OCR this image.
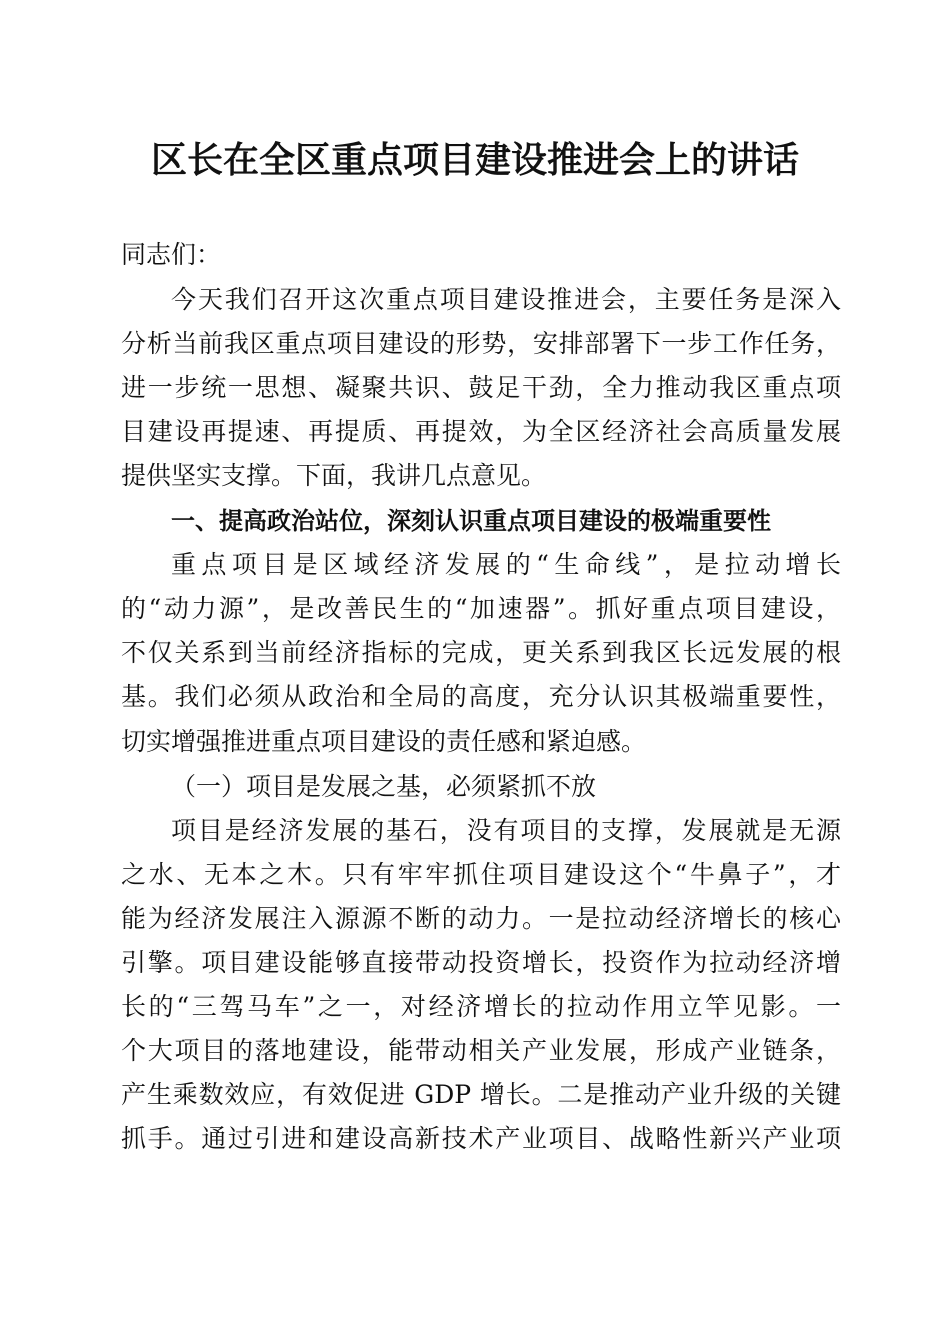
区长在全区重点项目建设推进会上的讲话
同志们：
今天我们召开这次重点项目建设推进会，主要任务是深入
分析当前我区重点项目建设的形势，安排部署下一步工作任务，
进一步统一思想、凝聚共识、鼓足干劲，全力推动我区重点项
目建设再提速、再提质、再提效，为全区经济社会高质量发展
提供坚实支撑。下面，我讲几点意见。
一、提高政治站位，深刻认识重点项目建设的极端重要性
重点项目是区域经济发展的“生命线”，是拉动增长
的“动力源”，是改善民生的“加速器”。抓好重点项目建设，
不仅关系到当前经济指标的完成，更关系到我区长远发展的根
基。我们必须从政治和全局的高度，充分认识其极端重要性，
切实增强推进重点项目建设的责任感和紧迫感。
（一）项目是发展之基，必须紧抓不放
项目是经济发展的基石，没有项目的支撑，发展就是无源
之水、无本之木。只有牢牢抓住项目建设这个“牛鼻子”，才
能为经济发展注入源源不断的动力。一是拉动经济增长的核心
引擎。项目建设能够直接带动投资增长，投资作为拉动经济增
长的“三驾马车”之一，对经济增长的拉动作用立竿见影。一
个大项目的落地建设，能带动相关产业发展，形成产业链条，
产生乘数效应，有效促进 GDP 增长。二是推动产业升级的关键
抓手。通过引进和建设高新技术产业项目、战略性新兴产业项
